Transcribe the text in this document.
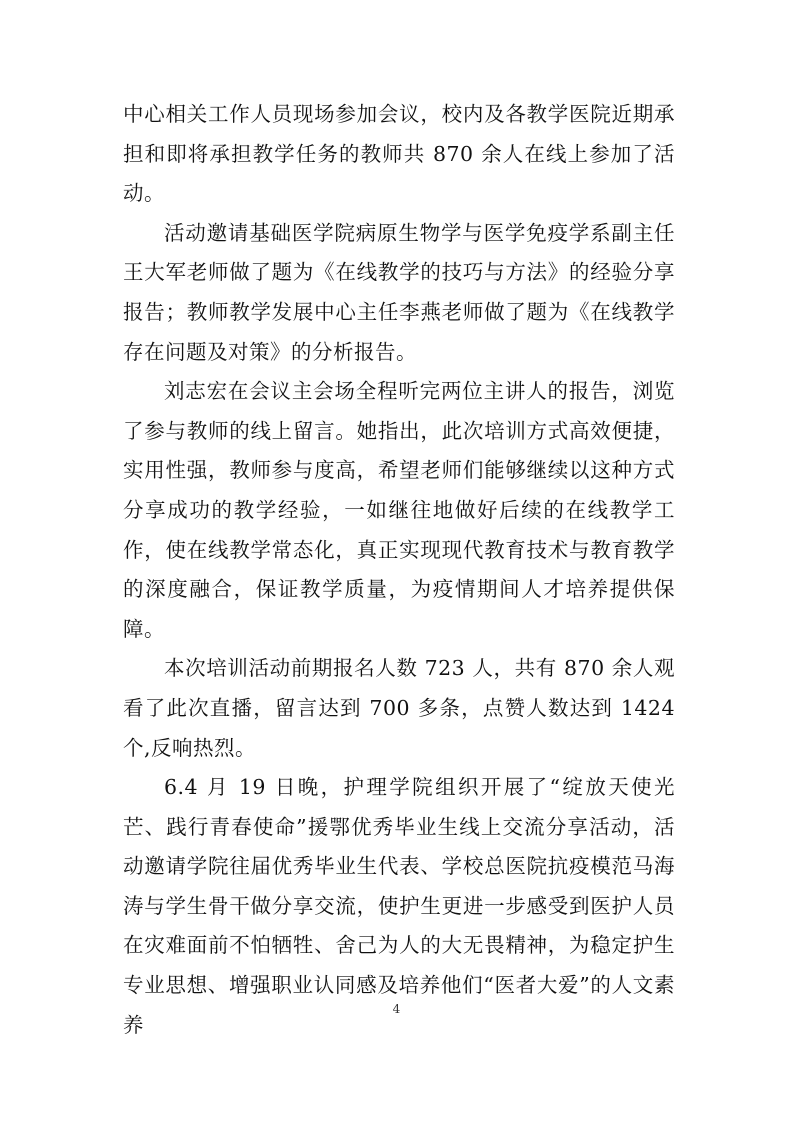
中心相关工作人员现场参加会议，校内及各教学医院近期承担和即将承担教学任务的教师共 870 余人在线上参加了活动。

活动邀请基础医学院病原生物学与医学免疫学系副主任王大军老师做了题为《在线教学的技巧与方法》的经验分享报告；教师教学发展中心主任李燕老师做了题为《在线教学存在问题及对策》的分析报告。

刘志宏在会议主会场全程听完两位主讲人的报告，浏览了参与教师的线上留言。她指出，此次培训方式高效便捷，实用性强，教师参与度高，希望老师们能够继续以这种方式分享成功的教学经验，一如继往地做好后续的在线教学工作，使在线教学常态化，真正实现现代教育技术与教育教学的深度融合，保证教学质量，为疫情期间人才培养提供保障。

本次培训活动前期报名人数 723 人，共有 870 余人观看了此次直播，留言达到 700 多条，点赞人数达到 1424 个,反响热烈。

6.4 月 19 日晚，护理学院组织开展了“绽放天使光芒、践行青春使命”援鄂优秀毕业生线上交流分享活动，活动邀请学院往届优秀毕业生代表、学校总医院抗疫模范马海涛与学生骨干做分享交流，使护生更进一步感受到医护人员在灾难面前不怕牺牲、舍己为人的大无畏精神，为稳定护生专业思想、增强职业认同感及培养他们“医者大爱”的人文素养

4
